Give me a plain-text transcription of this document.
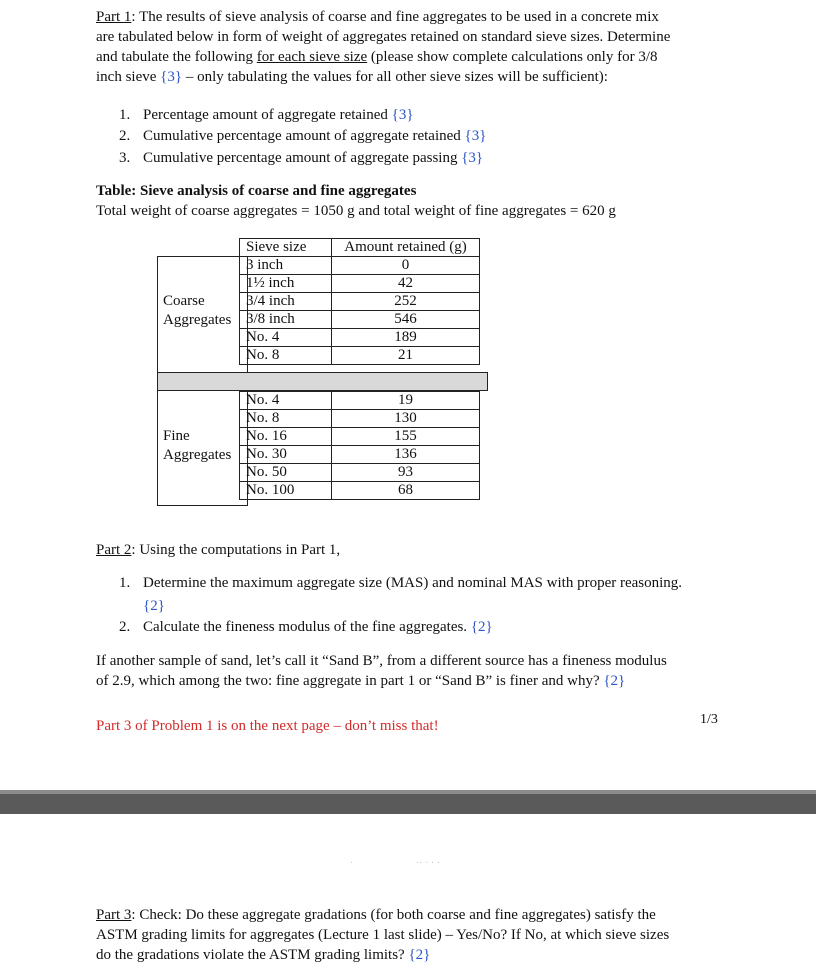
Part 1: The results of sieve analysis of coarse and fine aggregates to be used in a concrete mix

are tabulated below in form of weight of aggregates retained on standard sieve sizes. Determine

and tabulate the following for each sieve size (please show complete calculations only for 3/8

inch sieve {3} – only tabulating the values for all other sieve sizes will be sufficient):

1. Percentage amount of aggregate retained {3}
2. Cumulative percentage amount of aggregate retained {3}
3. Cumulative percentage amount of aggregate passing {3}

Table: Sieve analysis of coarse and fine aggregates

Total weight of coarse aggregates = 1050 g and total weight of fine aggregates = 620 g

	Sieve size	Amount retained (g)

Coarse
Aggregates	3 inch	0
	1½ inch	42
	3/4 inch	252
	3/8 inch	546
	No. 4	189
	No. 8	21
Fine
Aggregates	No. 4	19
	No. 8	130
	No. 16	155
	No. 30	136
	No. 50	93
	No. 100	68

Part 2: Using the computations in Part 1,

1. Determine the maximum aggregate size (MAS) and nominal MAS with proper reasoning.
{2}
2. Calculate the fineness modulus of the fine aggregates. {2}

If another sample of sand, let’s call it “Sand B”, from a different source has a fineness modulus

of 2.9, which among the two: fine aggregate in part 1 or “Sand B” is finer and why? {2}

Part 3 of Problem 1 is on the next page – don’t miss that!	1/3
·                         ·· · · ·

Part 3: Check: Do these aggregate gradations (for both coarse and fine aggregates) satisfy the

ASTM grading limits for aggregates (Lecture 1 last slide) – Yes/No? If No, at which sieve sizes

do the gradations violate the ASTM grading limits? {2}
